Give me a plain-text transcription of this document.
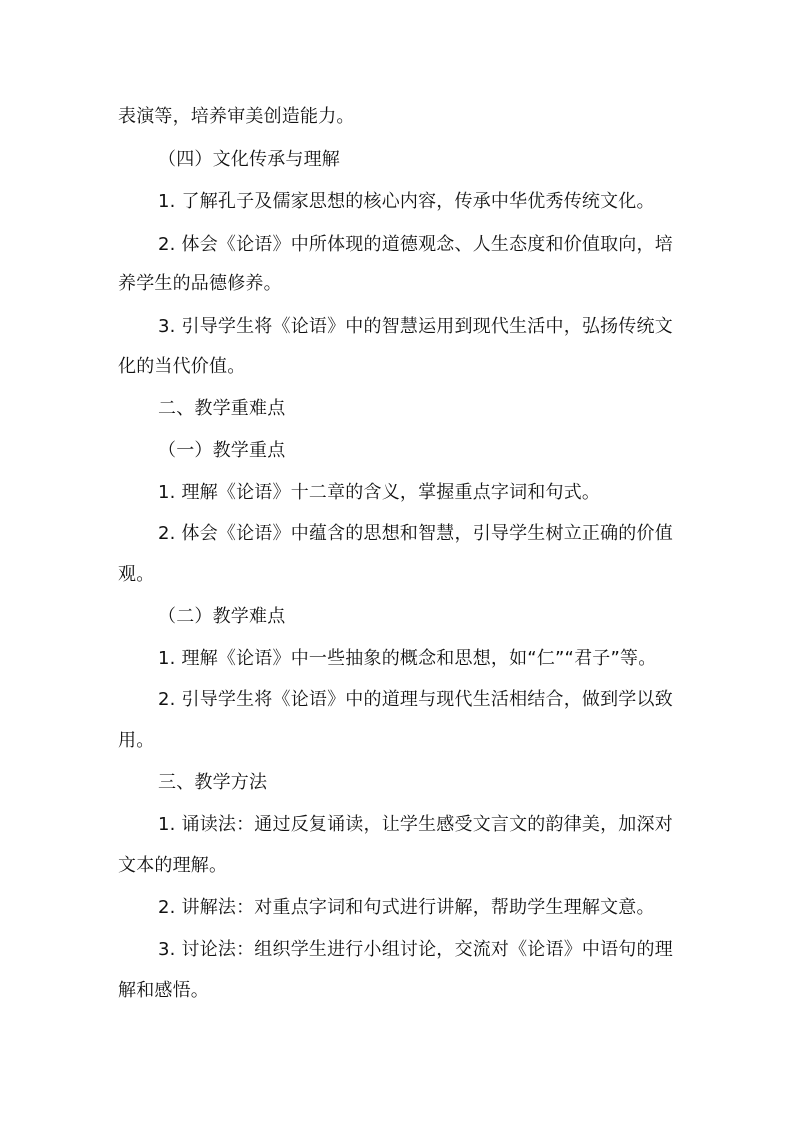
表演等，培养审美创造能力。
（四）文化传承与理解
1. 了解孔子及儒家思想的核心内容，传承中华优秀传统文化。
2. 体会《论语》中所体现的道德观念、人生态度和价值取向，培
养学生的品德修养。
3. 引导学生将《论语》中的智慧运用到现代生活中，弘扬传统文
化的当代价值。
二、教学重难点
（一）教学重点
1. 理解《论语》十二章的含义，掌握重点字词和句式。
2. 体会《论语》中蕴含的思想和智慧，引导学生树立正确的价值
观。
（二）教学难点
1. 理解《论语》中一些抽象的概念和思想，如“仁”“君子”等。
2. 引导学生将《论语》中的道理与现代生活相结合，做到学以致
用。
三、教学方法
1. 诵读法：通过反复诵读，让学生感受文言文的韵律美，加深对
文本的理解。
2. 讲解法：对重点字词和句式进行讲解，帮助学生理解文意。
3. 讨论法：组织学生进行小组讨论，交流对《论语》中语句的理
解和感悟。
